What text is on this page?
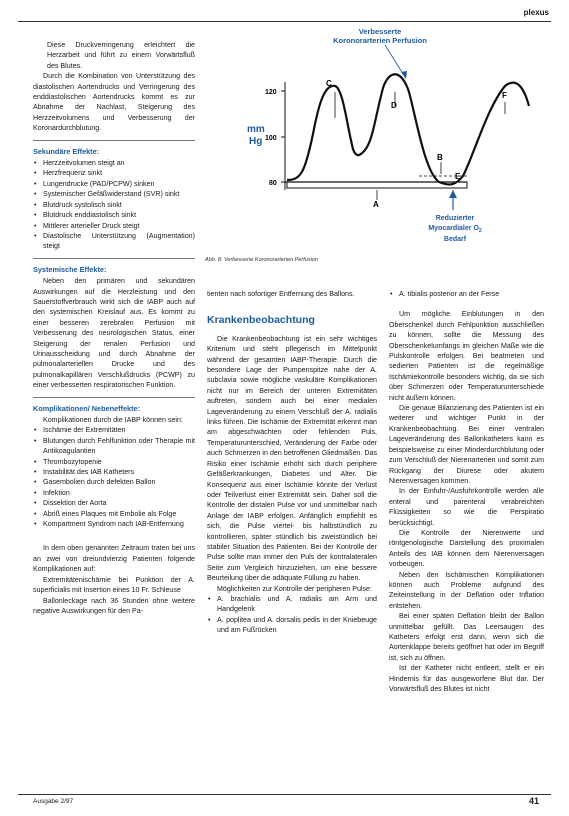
plexus
Verbesserte
Koronorarterien Perfusion
mm
Hg
120
100
80
C
D
F
B
E
A
Reduzierter
Myocardialer $O_2$
Bedarf
Abb. 8: Verbesserte Koronorarterien Perfusion

Diese Druckverringerung erleichtert die Herzarbeit und führt zu einem Vorwärtsfluß des Blutes.

Durch die Kombination von Unterstützung des diastolischen Aortendrucks und Verringerung des enddiastolischen Aortendrucks kommt es zur Abnahme der Nachlast, Steigerung des Herzzeitvolumens und Verbesserung der Koronardurchblutung.

Sekundäre Effekte:
• Herzzeitvolumen steigt an
• Herzfrequenz sinkt
• Lungendrucke (PAD/PCPW) sinken
• Systemischer Gefäßwiderstand (SVR) sinkt
• Blutdruck systolisch sinkt
• Blutdruck enddiastolisch sinkt
• Mittlerer arterieller Druck steigt
• Diastolische Unterstützung (Augmentation) steigt
Systemische Effekte:

Neben den primären und sekundären Auswirkungen auf die Herzleistung und den Sauerstoffverbrauch wirkt sich die IABP auch auf den systemischen Kreislauf aus. Es kommt zu einer besseren zerebralen Perfusion mit Verbesserung des neurologischen Status, einer Steigerung der renalen Perfusion und Urinausscheidung und durch Abnahme der pulmonalarteriellen Drucke und des pulmonalkapillären Verschlußdrucks (PCWP) zu einer verbesserten respiratorischen Funktion.

Komplikationen/ Nebeneffekte:

Komplikationen durch die IABP können sein:

• Ischämie der Extremitäten
• Blutungen durch Fehlfunktion oder Therapie mit Antikoagulantien
• Thrombozytopenie
• Instabilität des IAB Katheters
• Gasembolien durch defekten Ballon
• Infektion
• Dissektion der Aorta
• Abriß eines Plaques mit Embolie als Folge
• Kompartment Syndrom nach IAB-Entfernung

In dem oben genannten Zeitraum traten bei uns an zwei von dreiundvierzig Patienten folgende Komplikationen auf:

Extremitätenischämie bei Punktion der A. superficialis mit Insertion eines 10 Fr. Schleuse

Ballonleckage nach 36 Stunden ohne weitere negative Auswirkungen für den Pa-

tienten nach sofortiger Entfernung des Ballons.

Krankenbeobachtung

Die Krankenbeobachtung ist ein sehr wichtiges Kriterium und steht pflegerisch im Mittelpunkt während der gesamten IABP-Therapie. Durch die besondere Lage der Pumpenspitze nahe der A. subclavia sowie mögliche vaskuläre Komplikationen nicht nur im Bereich der unteren Extremitäten auftreten, sondern auch bei einer medialen Lageveränderung zu einem Verschluß der A. radialis links führen. Die Ischämie der Extremität erkennt man am abgeschwächten oder fehlenden Puls, Temperaturunterschied, Veränderung der Farbe oder auch Schmerzen in den betroffenen Gliedmaßen. Das Risiko einer Ischämie erhöht sich durch periphere Gefäßerkrankungen, Diabetes und Alter. Die Konsequenz aus einer Ischämie könnte der Verlust oder Teilverlust einer Extremität sein. Daher soll die Kontrolle der distalen Pulse vor und unmittelbar nach Anlage der IABP erfolgen. Anfänglich empfiehlt es sich, die Pulse viertel- bis halbstündlich zu kontrollieren, später stündlich bis zweistündlich bei stabiler Situation des Patienten. Bei der Kontrolle der Pulse sollte man immer den Puls der kontralateralen Seite zum Vergleich hinzuziehen, um eine bessere Beurteilung über die adäquate Füllung zu haben.

Möglichkeiten zur Kontrolle der peripheren Pulse:

• A. brachialis und A. radialis am Arm und Handgelenk
• A. poplitea und A. dorsalis pedis in der Kniebeuge und am Fußrücken
• A. tibialis posterior an der Ferse

Um mögliche Einblutungen in den Oberschenkel durch Fehlpunktion ausschließen zu können, sollte die Messung des Oberschenkelumfangs im gleichen Maße wie die Pulskontrolle erfolgen. Bei beatmeten und sedierten Patienten ist die regelmäßige Ischämiekontrolle besonders wichtig, da sie sich über Schmerzen oder Temperaturunterschiede nicht äußern können.

Die genaue Bilanzierung des Patienten ist ein weiterer und wichtiger Punkt in der Krankenbeobachtung. Bei einer ventralen Lageveränderung des Ballonkatheters kann es beispielsweise zu einer Minderdurchblutung oder zum Verschluß der Nierenarterien und somit zum Rückgang der Diurese oder akutem Nierenversagen kommen.

In der Einfuhr-/Ausfuhrkontrolle werden alle enteral und parenteral verabreichten Flüssigkeiten so wie die Perspiratio berücksichtigt.

Die Kontrolle der Nierenwerte und röntgenologische Darstellung des proximalen Anteils des IAB können dem Nierenversagen vorbeugen.

Neben den Ischämischen Komplikationen können auch Probleme aufgrund des Zeiteinstellung in der Deflation oder Inflation entstehen.

Bei einer späten Deflation bleibt der Ballon unmittelbar gefüllt. Das Leersaugen des Katheters erfolgt erst dann, wenn sich die Aortenklappe bereits geöffnet hat oder im Begriff ist, sich zu öffnen.

Ist der Katheter nicht entleert, stellt er ein Hindernis für das ausgeworfene Blut dar. Der Vorwärtsfluß des Blutes ist nicht

Ausgabe 2/97	41
